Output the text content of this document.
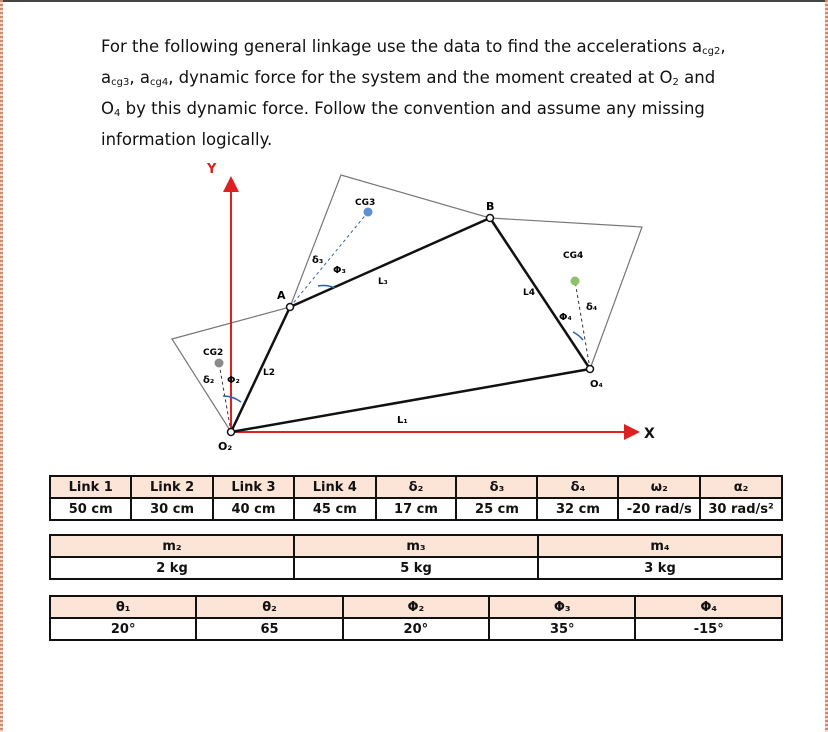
For the following general linkage use the data to find the accelerations $a_{cg2}$, $a_{cg3}$, $a_{cg4}$, dynamic force for the system and the moment created at $O_2$ and $O_4$ by this dynamic force. Follow the convention and assume any missing information logically.
Y
X
A
B
O₂
O₄
CG2
CG3
CG4
L₁
L2
L₃
L4
δ₂ Φ₂
δ₃
Φ₃
δ₄
Φ₄
Link 1	Link 2	Link 3	Link 4	δ₂	δ₃	δ₄	ω₂	α₂
50 cm	30 cm	40 cm	45 cm	17 cm	25 cm	32 cm	-20 rad/s	30 rad/s²
m₂	m₃	m₄
2 kg	5 kg	3 kg
θ₁	θ₂	Φ₂	Φ₃	Φ₄
20°	65	20°	35°	-15°
